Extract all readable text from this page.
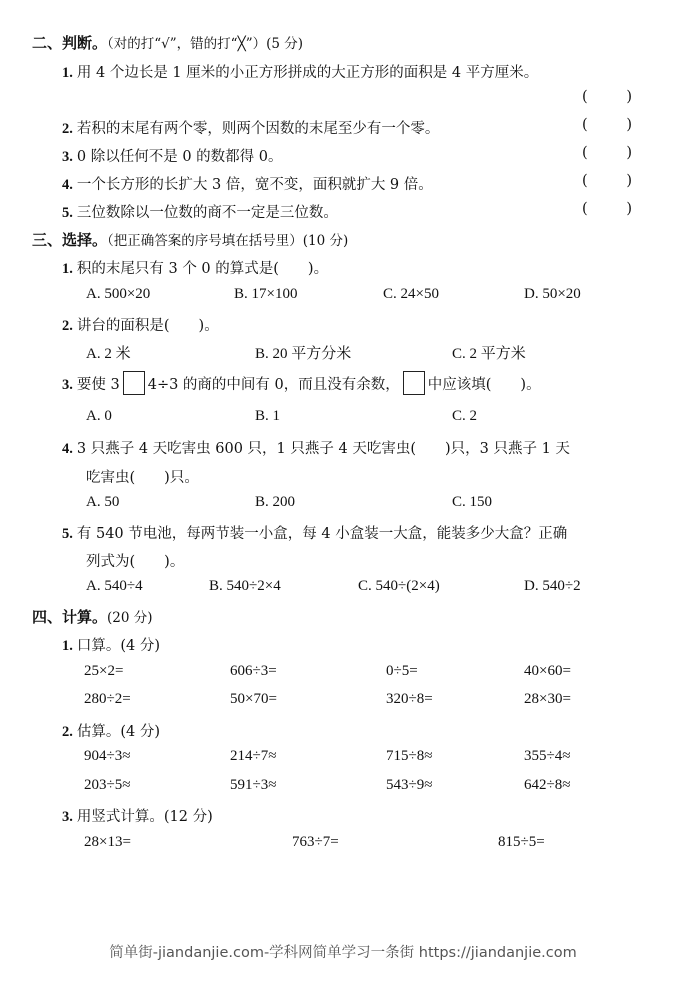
二、判断。（对的打“√”，错的打“╳”）(5 分)
1. 用 4 个边长是 1 厘米的小正方形拼成的大正方形的面积是 4 平方厘米。
(	)
2. 若积的末尾有两个零，则两个因数的末尾至少有一个零。	(	)
3. 0 除以任何不是 0 的数都得 0。	(	)
4. 一个长方形的长扩大 3 倍，宽不变，面积就扩大 9 倍。	(	)
5. 三位数除以一位数的商不一定是三位数。	(	)
三、选择。（把正确答案的序号填在括号里）(10 分)
1. 积的末尾只有 3 个 0 的算式是(　　)。
A. 500×20	B. 17×100	C. 24×50	D. 50×20
2. 讲台的面积是(　　)。
A. 2 米	B. 20 平方分米	C. 2 平方米
3. 要使 3 4÷3 的商的中间有 0，而且没有余数， 中应该填(　　)。
A. 0	B. 1	C. 2
4. 3 只燕子 4 天吃害虫 600 只，1 只燕子 4 天吃害虫(　　)只，3 只燕子 1 天
吃害虫(　　)只。
A. 50	B. 200	C. 150
5. 有 540 节电池，每两节装一小盒，每 4 小盒装一大盒，能装多少大盒？正确
列式为(　　)。
A. 540÷4	B. 540÷2×4	C. 540÷(2×4)	D. 540÷2
四、计算。(20 分)
1. 口算。(4 分)
25×2=	606÷3=	0÷5=	40×60=
280÷2=	50×70=	320÷8=	28×30=
2. 估算。(4 分)
904÷3≈	214÷7≈	715÷8≈	355÷4≈
203÷5≈	591÷3≈	543÷9≈	642÷8≈
3. 用竖式计算。(12 分)
28×13=	763÷7=	815÷5=
简单街-jiandanjie.com-学科网简单学习一条街 https://jiandanjie.com
